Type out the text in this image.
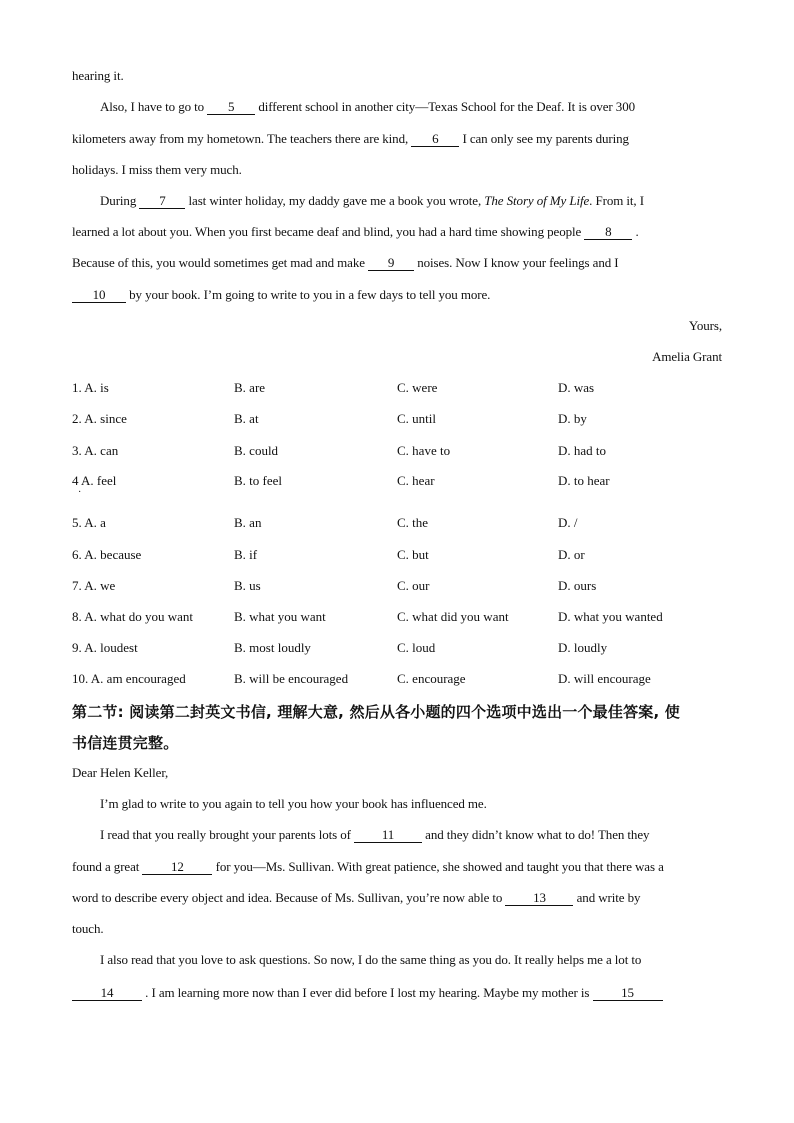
hearing it.
Also, I have to go to 5 different school in another city—Texas School for the Deaf. It is over 300
kilometers away from my hometown. The teachers there are kind, 6 I can only see my parents during
holidays. I miss them very much.
During 7 last winter holiday, my daddy gave me a book you wrote, The Story of My Life. From it, I
learned a lot about you. When you first became deaf and blind, you had a hard time showing people 8 .
Because of this, you would sometimes get mad and make 9 noises. Now I know your feelings and I
10 by your book. I’m going to write to you in a few days to tell you more.
Yours,
Amelia Grant
1. A. is	B. are	C. were	D. was
2. A. since	B. at	C. until	D. by
3. A. can	B. could	C. have to	D. had to
4 A. feel	B. to feel	C. hear	D. to hear
·
5. A. a	B. an	C. the	D. /
6. A. because	B. if	C. but	D. or
7. A. we	B. us	C. our	D. ours
8. A. what do you want	B. what you want	C. what did you want	D. what you wanted
9. A. loudest	B. most loudly	C. loud	D. loudly
10. A. am encouraged	B. will be encouraged	C. encourage	D. will encourage
第二节: 阅读第二封英文书信, 理解大意, 然后从各小题的四个选项中选出一个最佳答案, 使
书信连贯完整。
Dear Helen Keller,
I’m glad to write to you again to tell you how your book has influenced me.
I read that you really brought your parents lots of 11 and they didn’t know what to do! Then they
found a great 12 for you—Ms. Sullivan. With great patience, she showed and taught you that there was a
word to describe every object and idea. Because of Ms. Sullivan, you’re now able to 13 and write by
touch.
I also read that you love to ask questions. So now, I do the same thing as you do. It really helps me a lot to
14 . I am learning more now than I ever did before I lost my hearing. Maybe my mother is 15
